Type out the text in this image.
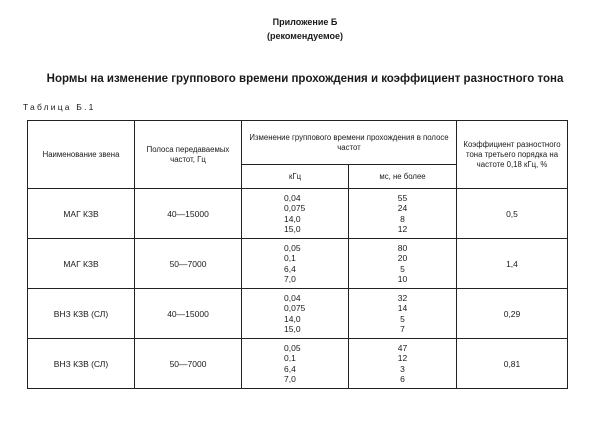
Приложение Б
(рекомендуемое)
Нормы на изменение группового времени прохождения и коэффициент разностного тона
Таблица Б.1
Наименование звена	Полоса передаваемых частот, Гц	Изменение группового времени прохождения в полосе частот		Коэффициент разностного тона третьего порядка на частоте 0,18 кГц, %
		кГц	мс, не более	
МАГ КЗВ	40—15000	0,04
0,075
14,0
15,0	55
24
8
12	0,5
МАГ КЗВ	50—7000	0,05
0,1
6,4
7,0	80
20
5
10	1,4
ВНЗ КЗВ (СЛ)	40—15000	0,04
0,075
14,0
15,0	32
14
5
7	0,29
ВНЗ КЗВ (СЛ)	50—7000	0,05
0,1
6,4
7,0	47
12
3
6	0,81
